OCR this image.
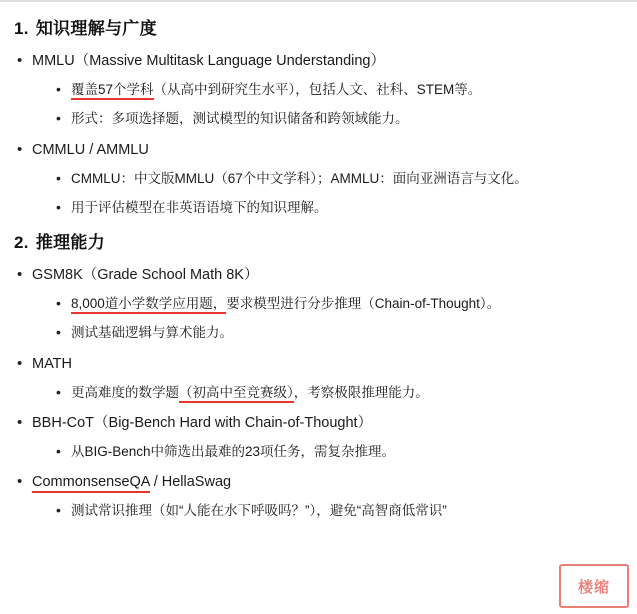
1. 知识理解与广度
• MMLU（Massive Multitask Language Understanding）
• 覆盖57个学科（从高中到研究生水平），包括人文、社科、STEM等。
• 形式：多项选择题，测试模型的知识储备和跨领域能力。
• CMMLU / AMMLU
• CMMLU：中文版MMLU（67个中文学科）；AMMLU：面向亚洲语言与文化。
• 用于评估模型在非英语语境下的知识理解。
2. 推理能力
• GSM8K（Grade School Math 8K）
• 8,000道小学数学应用题，要求模型进行分步推理（Chain-of-Thought）。
• 测试基础逻辑与算术能力。
• MATH
• 更高难度的数学题（初高中至竞赛级），考察极限推理能力。
• BBH-CoT（Big-Bench Hard with Chain-of-Thought）
• 从BIG-Bench中筛选出最难的23项任务，需复杂推理。
• CommonsenseQA / HellaSwag
• 测试常识推理（如“人能在水下呼吸吗？”），避免“高智商低常识”
楼缩
